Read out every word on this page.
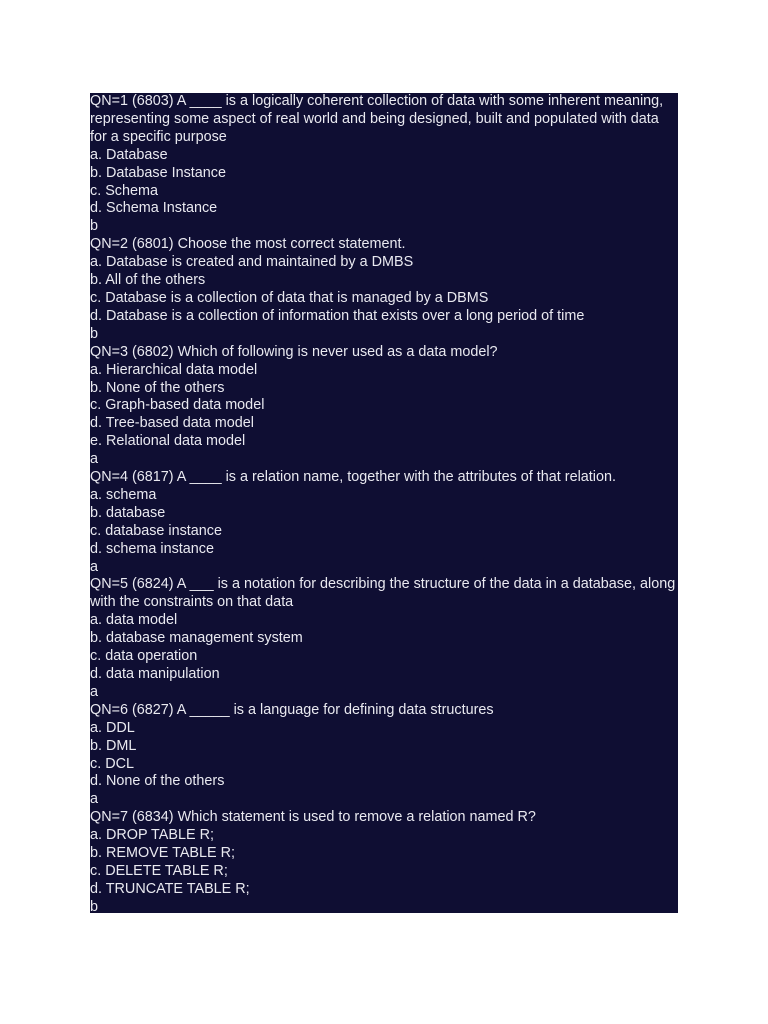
QN=1 (6803) A ____ is a logically coherent collection of data with some inherent meaning, representing some aspect of real world and being designed, built and populated with data for a specific purpose
a. Database
b. Database Instance
c. Schema
d. Schema Instance
b
QN=2 (6801) Choose the most correct statement.
a. Database is created and maintained by a DMBS
b. All of the others
c. Database is a collection of data that is managed by a DBMS
d. Database is a collection of information that exists over a long period of time
b
QN=3 (6802) Which of following is never used as a data model?
a. Hierarchical data model
b. None of the others
c. Graph-based data model
d. Tree-based data model
e. Relational data model
a
QN=4 (6817) A ____ is a relation name, together with the attributes of that relation.
a. schema
b. database
c. database instance
d. schema instance
a
QN=5 (6824) A ___ is a notation for describing the structure of the data in a database, along with the constraints on that data
a. data model
b. database management system
c. data operation
d. data manipulation
a
QN=6 (6827) A _____ is a language for defining data structures
a. DDL
b. DML
c. DCL
d. None of the others
a
QN=7 (6834) Which statement is used to remove a relation named R?
a. DROP TABLE R;
b. REMOVE TABLE R;
c. DELETE TABLE R;
d. TRUNCATE TABLE R;
b
